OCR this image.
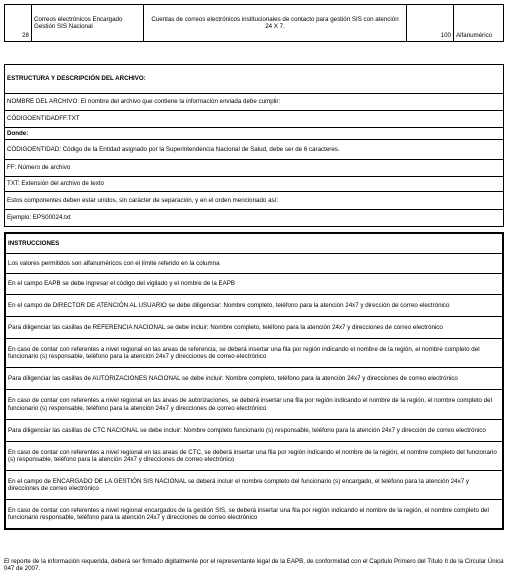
28
Correos electrónicos Encargado Gestión SIS Nacional
Cuentas de correos electrónicos institucionales de contacto para gestión SIS con atención 24 X 7.
100 Alfanumérico
ESTRUCTURA Y DESCRIPCIÓN DEL ARCHIVO:
NOMBRE DEL ARCHIVO: El nombre del archivo que contiene la información enviada debe cumplir:
CÓDIGOENTIDADFF.TXT
Donde:
CÓDIGOENTIDAD: Código de la Entidad asignado por la Superintendencia Nacional de Salud, debe ser de 6 caracteres.
FF: Número de archivo
TXT: Extensión del archivo de texto
Estos componentes deben estar unidos, sin carácter de separación, y en el orden mencionado así:
Ejemplo: EPS00024.txt
INSTRUCCIONES
Los valores permitidos son alfanuméricos con el límite referido en la columna
En el campo EAPB se debe ingresar el código del vigilado y el nombre de la EAPB
En el campo de DIRECTOR DE ATENCIÓN AL USUARIO se debe diligenciar: Nombre completo, teléfono para la atención 24x7 y dirección de correo electrónico
Para diligenciar las casillas de REFERENCIA NACIONAL se debe incluir: Nombre completo, teléfono para la atención 24x7 y direcciones de correo electrónico
En caso de contar con referentes a nivel regional en las areas de referencia, se deberá insertar una fila por región indicando el nombre de la región, el nombre completo del funcionario (s) responsable, teléfono para la atención 24x7 y direcciones de correo electrónico
Para diligenciar las casillas de AUTORIZACIONES NACIONAL se debe incluir: Nombre completo, teléfono para la atención 24x7 y direcciones de correo electrónico
En caso de contar con referentes a nivel regional en las areas de autorizaciones, se deberá insertar una fila por región indicando el nombre de la región, el nombre completo del funcionario (s) responsable, teléfono para la atención 24x7 y direcciones de correo electrónico
Para diligenciar las casillas de CTC NACIONAL se debe incluir: Nombre completo funcionario (s) responsable, teléfono para la atención 24x7 y dirección de correo electrónico
En caso de contar con referentes a nivel regional en las areas de CTC, se deberá insertar una fila por región indicando el nombre de la región, el nombre completo del funcionario (s) responsable, teléfono para la atención 24x7 y direcciones de correo electrónico
En el campo de ENCARGADO DE LA GESTIÓN SIS NACIONAL se deberá incluir el nombre completo del funcionario (s) encargado, el teléfono para la atención 24x7 y direcciones de correo electrónico
En caso de contar con referentes a nivel regional encargados de la gestión SIS, se deberá insertar una fila por región indicando el nombre de la región, el nombre completo del funcionario responsable, teléfono para la atención 24x7 y direcciones de correo electrónico
El reporte de la información requerida, deberá ser firmado digitalmente por el representante legal de la EAPB, de conformidad con el Capítulo Primero del Título II de la Circular Única 047 de 2007.
